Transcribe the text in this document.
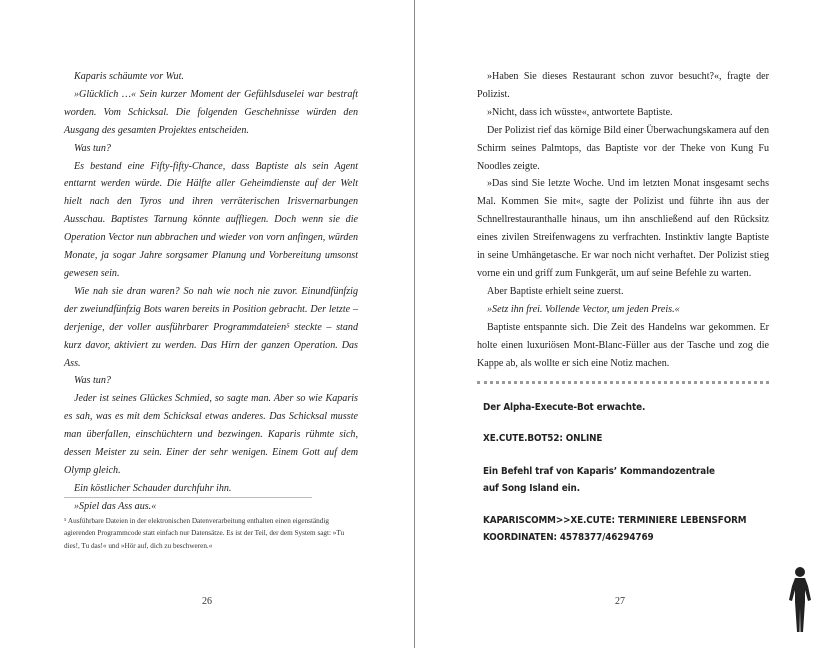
Kaparis schäumte vor Wut.

»Glücklich …« Sein kurzer Moment der Gefühlsduselei war bestraft worden. Vom Schicksal. Die folgenden Geschehnisse würden den Ausgang des gesamten Projektes entscheiden.

Was tun?

Es bestand eine Fifty-fifty-Chance, dass Baptiste als sein Agent enttarnt werden würde. Die Hälfte aller Geheimdienste auf der Welt hielt nach den Tyros und ihren verräterischen Irisvernarbungen Ausschau. Baptistes Tarnung könnte auffliegen. Doch wenn sie die Operation Vector nun abbrachen und wieder von vorn anfingen, würden Monate, ja sogar Jahre sorgsamer Planung und Vorbereitung umsonst gewesen sein.

Wie nah sie dran waren? So nah wie noch nie zuvor. Einundfünfzig der zweiundfünfzig Bots waren bereits in Position gebracht. Der letzte – derjenige, der voller ausführbarer Programmdateien⁵ steckte – stand kurz davor, aktiviert zu werden. Das Hirn der ganzen Operation. Das Ass.

Was tun?

Jeder ist seines Glückes Schmied, so sagte man. Aber so wie Kaparis es sah, was es mit dem Schicksal etwas anderes. Das Schicksal musste man überfallen, einschüchtern und bezwingen. Kaparis rühmte sich, dessen Meister zu sein. Einer der sehr wenigen. Einem Gott auf dem Olymp gleich.

Ein köstlicher Schauder durchfuhr ihn.

»Spiel das Ass aus.«

⁵ Ausführbare Dateien in der elektronischen Datenverarbeitung enthalten einen eigenständig agierenden Programmcode statt einfach nur Datensätze. Es ist der Teil, der dem System sagt: »Tu dies!, Tu das!« und »Hör auf, dich zu beschweren.«
26

»Haben Sie dieses Restaurant schon zuvor besucht?«, fragte der Polizist.

»Nicht, dass ich wüsste«, antwortete Baptiste.

Der Polizist rief das körnige Bild einer Überwachungskamera auf den Schirm seines Palmtops, das Baptiste vor der Theke von Kung Fu Noodles zeigte.

»Das sind Sie letzte Woche. Und im letzten Monat insgesamt sechs Mal. Kommen Sie mit«, sagte der Polizist und führte ihn aus der Schnellrestauranthalle hinaus, um ihn anschließend auf den Rücksitz eines zivilen Streifenwagens zu verfrachten. Instinktiv langte Baptiste in seine Umhängetasche. Er war noch nicht verhaftet. Der Polizist stieg vorne ein und griff zum Funkgerät, um auf seine Befehle zu warten.

Aber Baptiste erhielt seine zuerst.

»Setz ihn frei. Vollende Vector, um jeden Preis.«

Baptiste entspannte sich. Die Zeit des Handelns war gekommen. Er holte einen luxuriösen Mont-Blanc-Füller aus der Tasche und zog die Kappe ab, als wollte er sich eine Notiz machen.

Der Alpha-Execute-Bot erwachte.

XE.CUTE.BOT52: ONLINE

Ein Befehl traf von Kaparis’ Kommandozentrale

auf Song Island ein.

KAPARISCOMM>>XE.CUTE: TERMINIERE LEBENSFORM

KOORDINATEN: 4578377/46294769

27
